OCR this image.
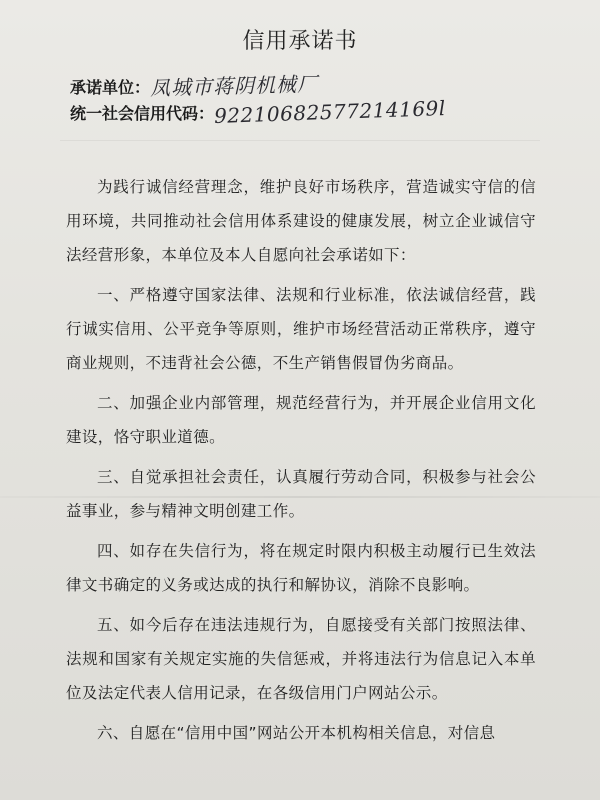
信用承诺书
承诺单位：凤城市蒋阴机械厂
统一社会信用代码：92210682577214169l

为践行诚信经营理念，维护良好市场秩序，营造诚实守信的信用环境，共同推动社会信用体系建设的健康发展，树立企业诚信守法经营形象，本单位及本人自愿向社会承诺如下：

一、严格遵守国家法律、法规和行业标准，依法诚信经营，践行诚实信用、公平竞争等原则，维护市场经营活动正常秩序，遵守商业规则，不违背社会公德，不生产销售假冒伪劣商品。

二、加强企业内部管理，规范经营行为，并开展企业信用文化建设，恪守职业道德。

三、自觉承担社会责任，认真履行劳动合同，积极参与社会公益事业，参与精神文明创建工作。

四、如存在失信行为，将在规定时限内积极主动履行已生效法律文书确定的义务或达成的执行和解协议，消除不良影响。

五、如今后存在违法违规行为，自愿接受有关部门按照法律、法规和国家有关规定实施的失信惩戒，并将违法行为信息记入本单位及法定代表人信用记录，在各级信用门户网站公示。

六、自愿在“信用中国”网站公开本机构相关信息，对信息
